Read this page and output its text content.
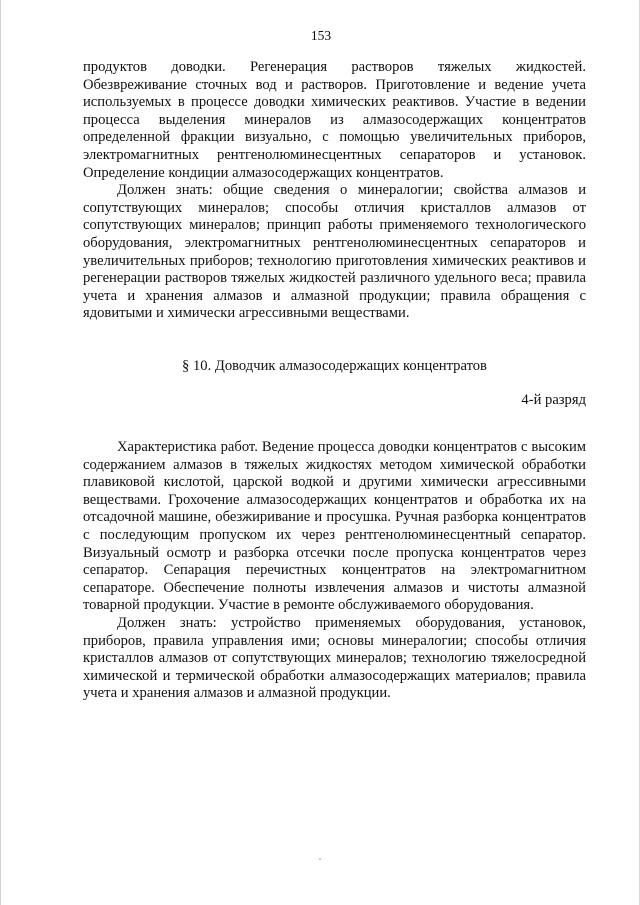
153

продуктов доводки. Регенерация растворов тяжелых жидкостей. Обезвреживание сточных вод и растворов. Приготовление и ведение учета используемых в процессе доводки химических реактивов. Участие в ведении процесса выделения минералов из алмазосодержащих концентратов определенной фракции визуально, с помощью увеличительных приборов, электромагнитных рентгенолюминесцентных сепараторов и установок. Определение кондиции алмазосодержащих концентратов.

Должен знать: общие сведения о минералогии; свойства алмазов и сопутствующих минералов; способы отличия кристаллов алмазов от сопутствующих минералов; принцип работы применяемого технологического оборудования, электромагнитных рентгенолюминесцентных сепараторов и увеличительных приборов; технологию приготовления химических реактивов и регенерации растворов тяжелых жидкостей различного удельного веса; правила учета и хранения алмазов и алмазной продукции; правила обращения с ядовитыми и химически агрессивными веществами.

§ 10. Доводчик алмазосодержащих концентратов

4-й разряд

Характеристика работ. Ведение процесса доводки концентратов с высоким содержанием алмазов в тяжелых жидкостях методом химической обработки плавиковой кислотой, царской водкой и другими химически агрессивными веществами. Грохочение алмазосодержащих концентратов и обработка их на отсадочной машине, обезжиривание и просушка. Ручная разборка концентратов с последующим пропуском их через рентгенолюминесцентный сепаратор. Визуальный осмотр и разборка отсечки после пропуска концентратов через сепаратор. Сепарация перечистных концентратов на электромагнитном сепараторе. Обеспечение полноты извлечения алмазов и чистоты алмазной товарной продукции. Участие в ремонте обслуживаемого оборудования.

Должен знать: устройство применяемых оборудования, установок, приборов, правила управления ими; основы минералогии; способы отличия кристаллов алмазов от сопутствующих минералов; технологию тяжелосредной химической и термической обработки алмазосодержащих материалов; правила учета и хранения алмазов и алмазной продукции.
